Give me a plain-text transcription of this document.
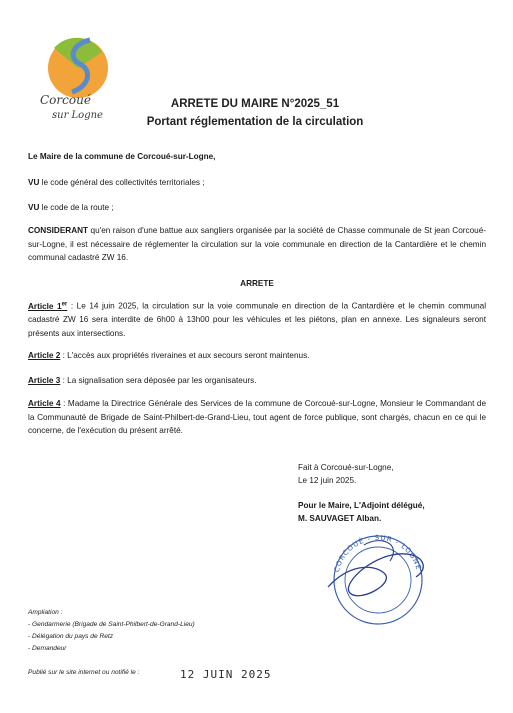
Corcoué
sur Logne
ARRETE DU MAIRE N°2025_51
Portant réglementation de la circulation
Le Maire de la commune de Corcoué-sur-Logne,
VU le code général des collectivités territoriales ;
VU le code de la route ;
CONSIDERANT qu'en raison d'une battue aux sangliers organisée par la société de Chasse communale de St jean Corcoué-sur-Logne, il est nécessaire de réglementer la circulation sur la voie communale en direction de la Cantardière et le chemin communal cadastré ZW 16.
ARRETE
Article 1er : Le 14 juin 2025, la circulation sur la voie communale en direction de la Cantardière et le chemin communal cadastré ZW 16 sera interdite de 6h00 à 13h00 pour les véhicules et les piétons, plan en annexe. Les signaleurs seront présents aux intersections.
Article 2 : L'accès aux propriétés riveraines et aux secours seront maintenus.
Article 3 : La signalisation sera déposée par les organisateurs.
Article 4 : Madame la Directrice Générale des Services de la commune de Corcoué-sur-Logne, Monsieur le Commandant de la Communauté de Brigade de Saint-Philbert-de-Grand-Lieu, tout agent de force publique, sont chargés, chacun en ce qui le concerne, de l'exécution du présent arrêté.
Fait à Corcoué-sur-Logne,
Le 12 juin 2025.
Pour le Maire, L'Adjoint délégué,
M. SAUVAGET Alban.
CORCOUÉ - SUR - LOGNE
Ampliation :
- Gendarmerie (Brigade de Saint-Philbert-de-Grand-Lieu)
- Délégation du pays de Retz
- Demandeur
Publié sur le site internet ou notifié le :	12 JUIN 2025
